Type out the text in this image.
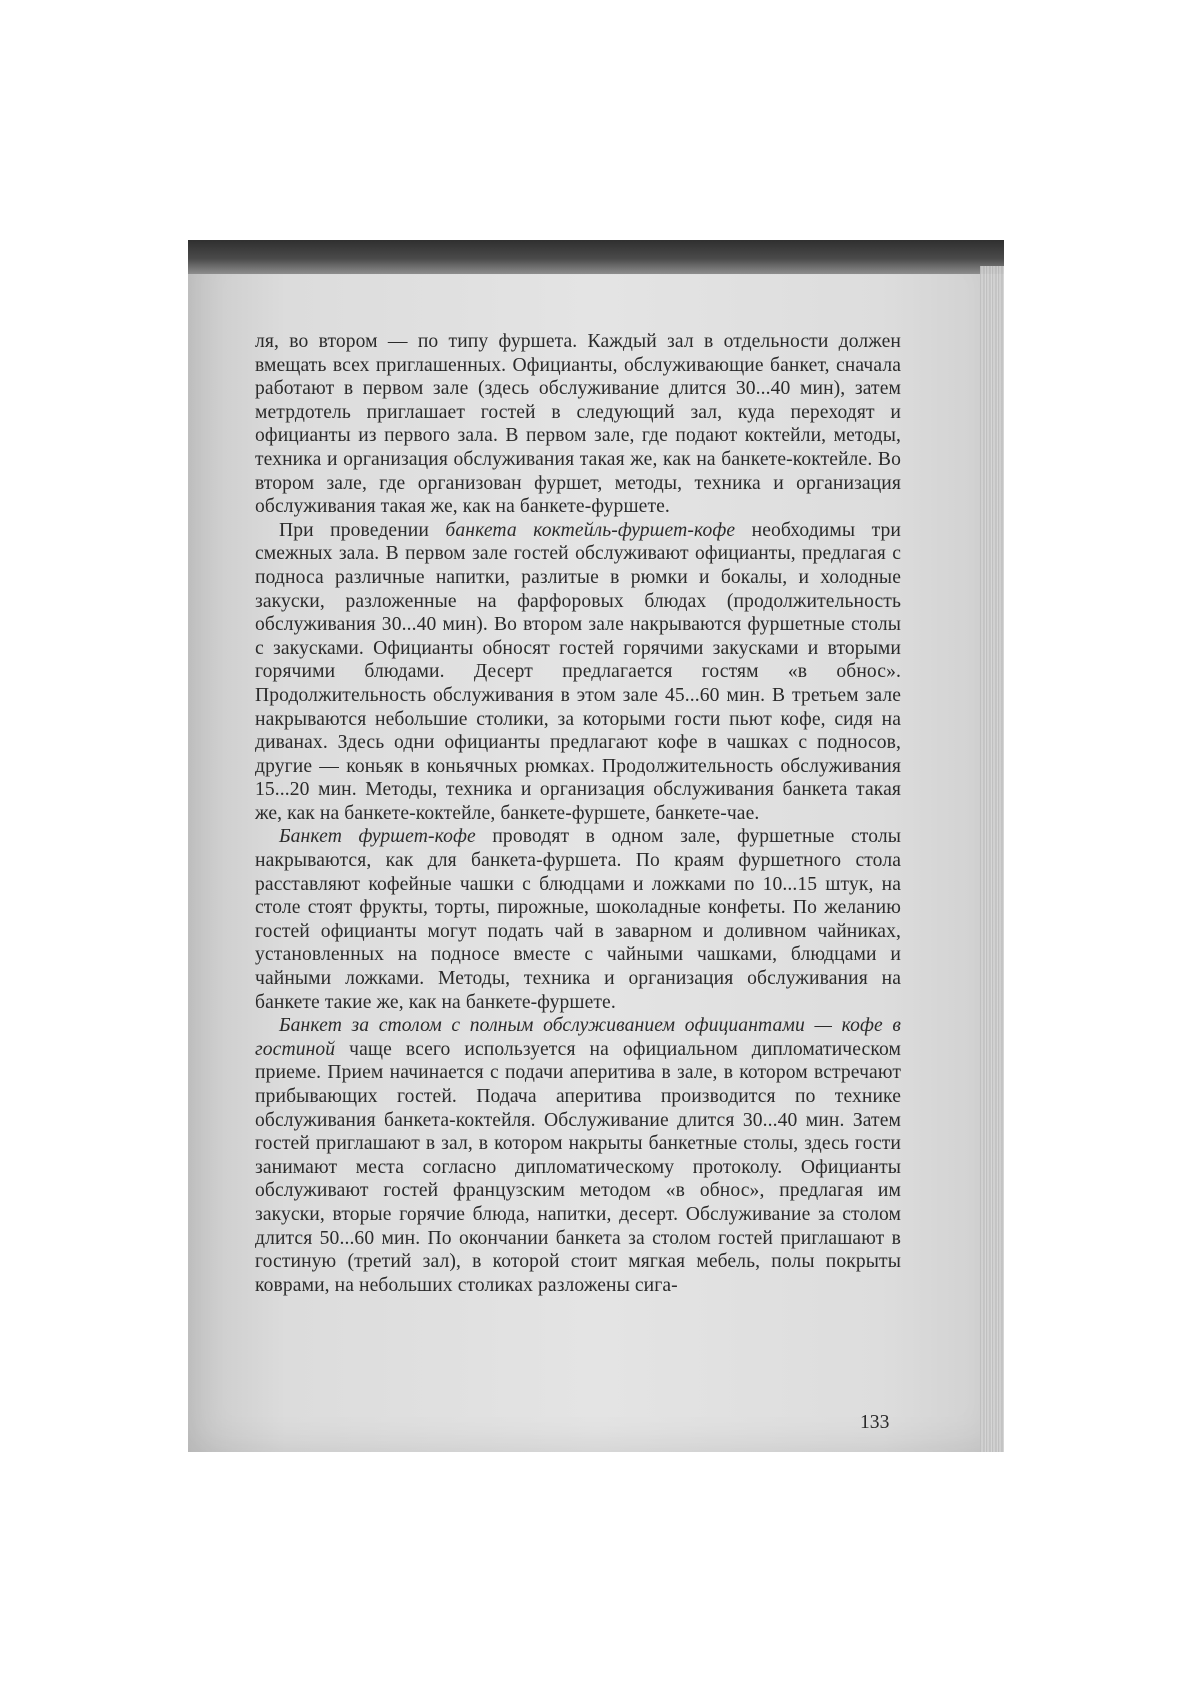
ля, во втором — по типу фуршета. Каждый зал в отдельности должен вмещать всех приглашенных. Официанты, обслуживающие банкет, сначала работают в первом зале (здесь обслуживание длится 30...40 мин), затем метрдотель приглашает гостей в следующий зал, куда переходят и официанты из первого зала. В первом зале, где подают коктейли, методы, техника и организация обслуживания такая же, как на банкете-коктейле. Во втором зале, где организован фуршет, методы, техника и организация обслуживания такая же, как на банкете-фуршете.

При проведении банкета коктейль-фуршет-кофе необходимы три смежных зала. В первом зале гостей обслуживают официанты, предлагая с подноса различные напитки, разлитые в рюмки и бокалы, и холодные закуски, разложенные на фарфоровых блюдах (продолжительность обслуживания 30...40 мин). Во втором зале накрываются фуршетные столы с закусками. Официанты обносят гостей горячими закусками и вторыми горячими блюдами. Десерт предлагается гостям «в обнос». Продолжительность обслуживания в этом зале 45...60 мин. В третьем зале накрываются небольшие столики, за которыми гости пьют кофе, сидя на диванах. Здесь одни официанты предлагают кофе в чашках с подносов, другие — коньяк в коньячных рюмках. Продолжительность обслуживания 15...20 мин. Методы, техника и организация обслуживания банкета такая же, как на банкете-коктейле, банкете-фуршете, банкете-чае.

Банкет фуршет-кофе проводят в одном зале, фуршетные столы накрываются, как для банкета-фуршета. По краям фуршетного стола расставляют кофейные чашки с блюдцами и ложками по 10...15 штук, на столе стоят фрукты, торты, пирожные, шоколадные конфеты. По желанию гостей официанты могут подать чай в заварном и доливном чайниках, установленных на подносе вместе с чайными чашками, блюдцами и чайными ложками. Методы, техника и организация обслуживания на банкете такие же, как на банкете-фуршете.

Банкет за столом с полным обслуживанием официантами — кофе в гостиной чаще всего используется на официальном дипломатическом приеме. Прием начинается с подачи аперитива в зале, в котором встречают прибывающих гостей. Подача аперитива производится по технике обслуживания банкета-коктейля. Обслуживание длится 30...40 мин. Затем гостей приглашают в зал, в котором накрыты банкетные столы, здесь гости занимают места согласно дипломатическому протоколу. Официанты обслуживают гостей французским методом «в обнос», предлагая им закуски, вторые горячие блюда, напитки, десерт. Обслуживание за столом длится 50...60 мин. По окончании банкета за столом гостей приглашают в гостиную (третий зал), в которой стоит мягкая мебель, полы покрыты коврами, на небольших столиках разложены сига-

133
